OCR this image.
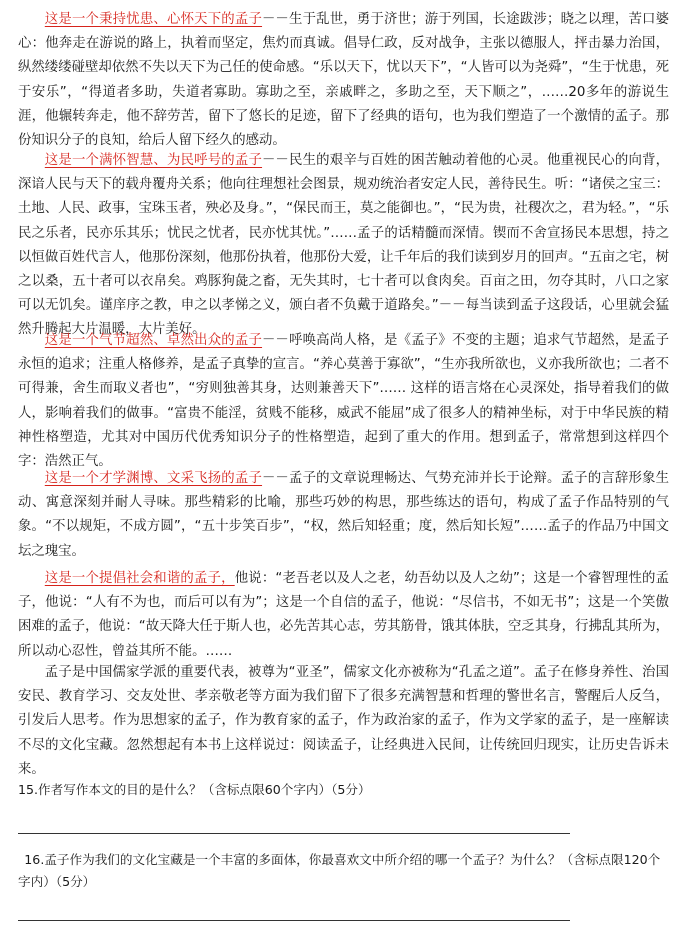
这是一个秉持忧患、心怀天下的孟子－－生于乱世，勇于济世；游于列国，长途跋涉；晓之以理，苦口婆心：他奔走在游说的路上，执着而坚定，焦灼而真诚。倡导仁政，反对战争，主张以德服人，抨击暴力治国，纵然缕缕碰壁却依然不失以天下为己任的使命感。“乐以天下，忧以天下”，“人皆可以为尧舜”，“生于忧患，死于安乐”，“得道者多助，失道者寡助。寡助之至，亲戚畔之，多助之至，天下顺之”，……20多年的游说生涯，他辗转奔走，他不辞劳苦，留下了悠长的足迹，留下了经典的语句，也为我们塑造了一个激情的孟子。那份知识分子的良知，给后人留下经久的感动。

这是一个满怀智慧、为民呼号的孟子－－民生的艰辛与百姓的困苦触动着他的心灵。他重视民心的向背，深谙人民与天下的载舟覆舟关系；他向往理想社会图景，规劝统治者安定人民，善待民生。听：“诸侯之宝三：土地、人民、政事，宝珠玉者，殃必及身。”，“保民而王，莫之能御也。”，“民为贵，社稷次之，君为轻。”，“乐民之乐者，民亦乐其乐；忧民之忧者，民亦忧其忧。”……孟子的话精髓而深情。锲而不舍宣扬民本思想，持之以恒做百姓代言人，他那份深刻，他那份执着，他那份大爱，让千年后的我们读到岁月的回声。“五亩之宅，树之以桑，五十者可以衣帛矣。鸡豚狗彘之畜，无失其时，七十者可以食肉矣。百亩之田，勿夺其时，八口之家可以无饥矣。谨庠序之教，申之以孝悌之义，颁白者不负戴于道路矣。”－－每当读到孟子这段话，心里就会猛然升腾起大片温暖，大片美好。

这是一个气节超然、卓然出众的孟子－－呼唤高尚人格，是《孟子》不变的主题；追求气节超然，是孟子永恒的追求；注重人格修养，是孟子真挚的宣言。“养心莫善于寡欲”，“生亦我所欲也，义亦我所欲也；二者不可得兼，舍生而取义者也”，“穷则独善其身，达则兼善天下”…… 这样的语言烙在心灵深处，指导着我们的做人，影响着我们的做事。“富贵不能淫，贫贱不能移，威武不能屈”成了很多人的精神坐标，对于中华民族的精神性格塑造，尤其对中国历代优秀知识分子的性格塑造，起到了重大的作用。想到孟子，常常想到这样四个字：浩然正气。

这是一个才学渊博、文采飞扬的孟子－－孟子的文章说理畅达、气势充沛并长于论辩。孟子的言辞形象生动、寓意深刻并耐人寻味。那些精彩的比喻，那些巧妙的构思，那些练达的语句，构成了孟子作品特别的气象。“不以规矩，不成方圆”，“五十步笑百步”，“权，然后知轻重；度，然后知长短”……孟子的作品乃中国文坛之瑰宝。

这是一个提倡社会和谐的孟子，他说：“老吾老以及人之老，幼吾幼以及人之幼”；这是一个睿智理性的孟子，他说：“人有不为也，而后可以有为”；这是一个自信的孟子，他说：“尽信书，不如无书”；这是一个笑傲困难的孟子，他说：“故天降大任于斯人也，必先苦其心志，劳其筋骨，饿其体肤，空乏其身，行拂乱其所为，所以动心忍性，曾益其所不能。……

孟子是中国儒家学派的重要代表，被尊为“亚圣”，儒家文化亦被称为“孔孟之道”。孟子在修身养性、治国安民、教育学习、交友处世、孝亲敬老等方面为我们留下了很多充满智慧和哲理的警世名言，警醒后人反刍，引发后人思考。作为思想家的孟子，作为教育家的孟子，作为政治家的孟子，作为文学家的孟子，是一座解读不尽的文化宝藏。忽然想起有本书上这样说过：阅读孟子，让经典进入民间，让传统回归现实，让历史告诉未来。

15.作者写作本文的目的是什么？（含标点限60个字内）（5分）

16.孟子作为我们的文化宝藏是一个丰富的多面体，你最喜欢文中所介绍的哪一个孟子？为什么？（含标点限120个字内）（5分）
